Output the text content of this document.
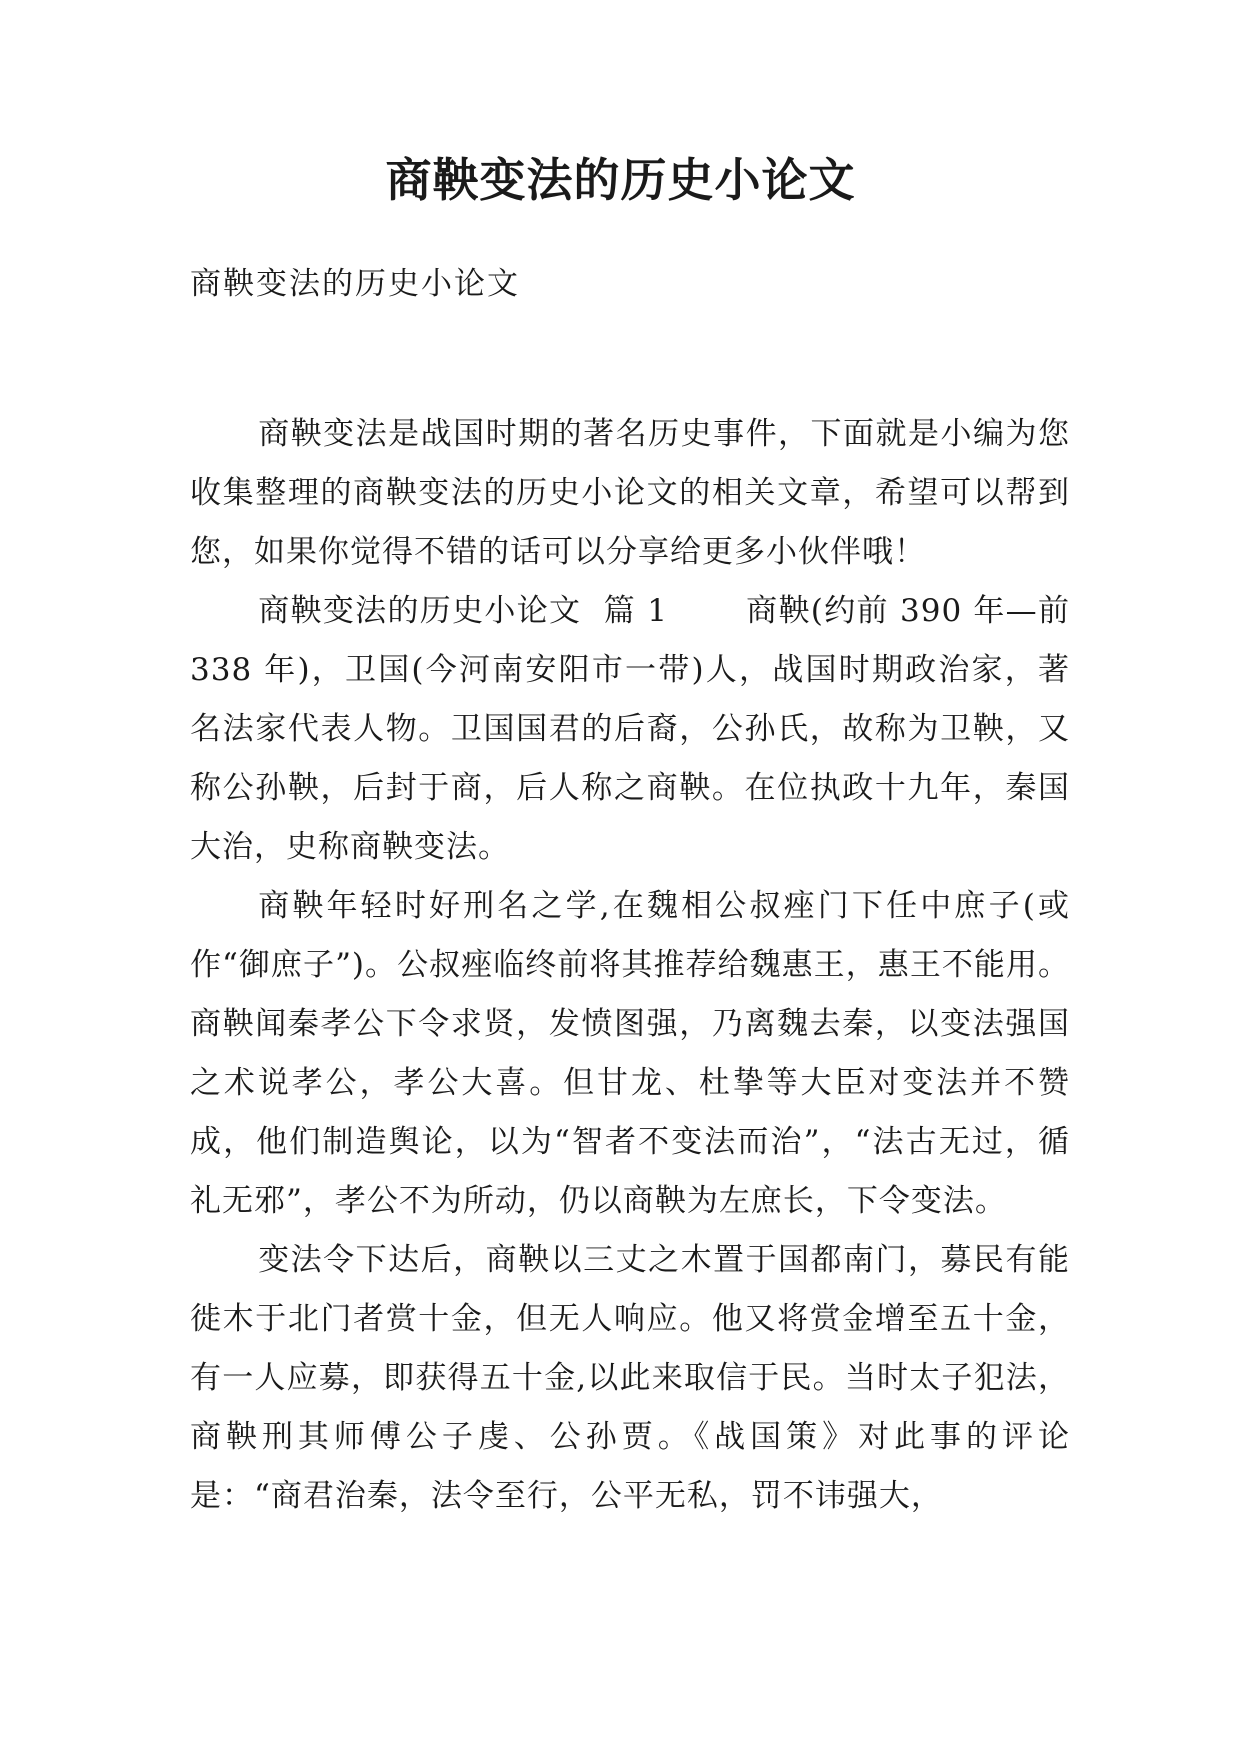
商鞅变法的历史小论文
商鞅变法的历史小论文

商鞅变法是战国时期的著名历史事件，下面就是小编为您收集整理的商鞅变法的历史小论文的相关文章，希望可以帮到您，如果你觉得不错的话可以分享给更多小伙伴哦！

商鞅变法的历史小论文  篇 1       商鞅(约前 390 年—前 338 年)，卫国(今河南安阳市一带)人，战国时期政治家，著名法家代表人物。卫国国君的后裔，公孙氏，故称为卫鞅，又称公孙鞅，后封于商，后人称之商鞅。在位执政十九年，秦国大治，史称商鞅变法。

商鞅年轻时好刑名之学,在魏相公叔痤门下任中庶子(或作“御庶子”)。公叔痤临终前将其推荐给魏惠王，惠王不能用。商鞅闻秦孝公下令求贤，发愤图强，乃离魏去秦，以变法强国之术说孝公，孝公大喜。但甘龙、杜挚等大臣对变法并不赞成，他们制造舆论，以为“智者不变法而治”，“法古无过，循礼无邪”，孝公不为所动，仍以商鞅为左庶长，下令变法。

变法令下达后，商鞅以三丈之木置于国都南门，募民有能徙木于北门者赏十金，但无人响应。他又将赏金增至五十金，有一人应募，即获得五十金,以此来取信于民。当时太子犯法，商鞅刑其师傅公子虔、公孙贾。《战国策》对此事的评论是：“商君治秦，法令至行，公平无私，罚不讳强大，
